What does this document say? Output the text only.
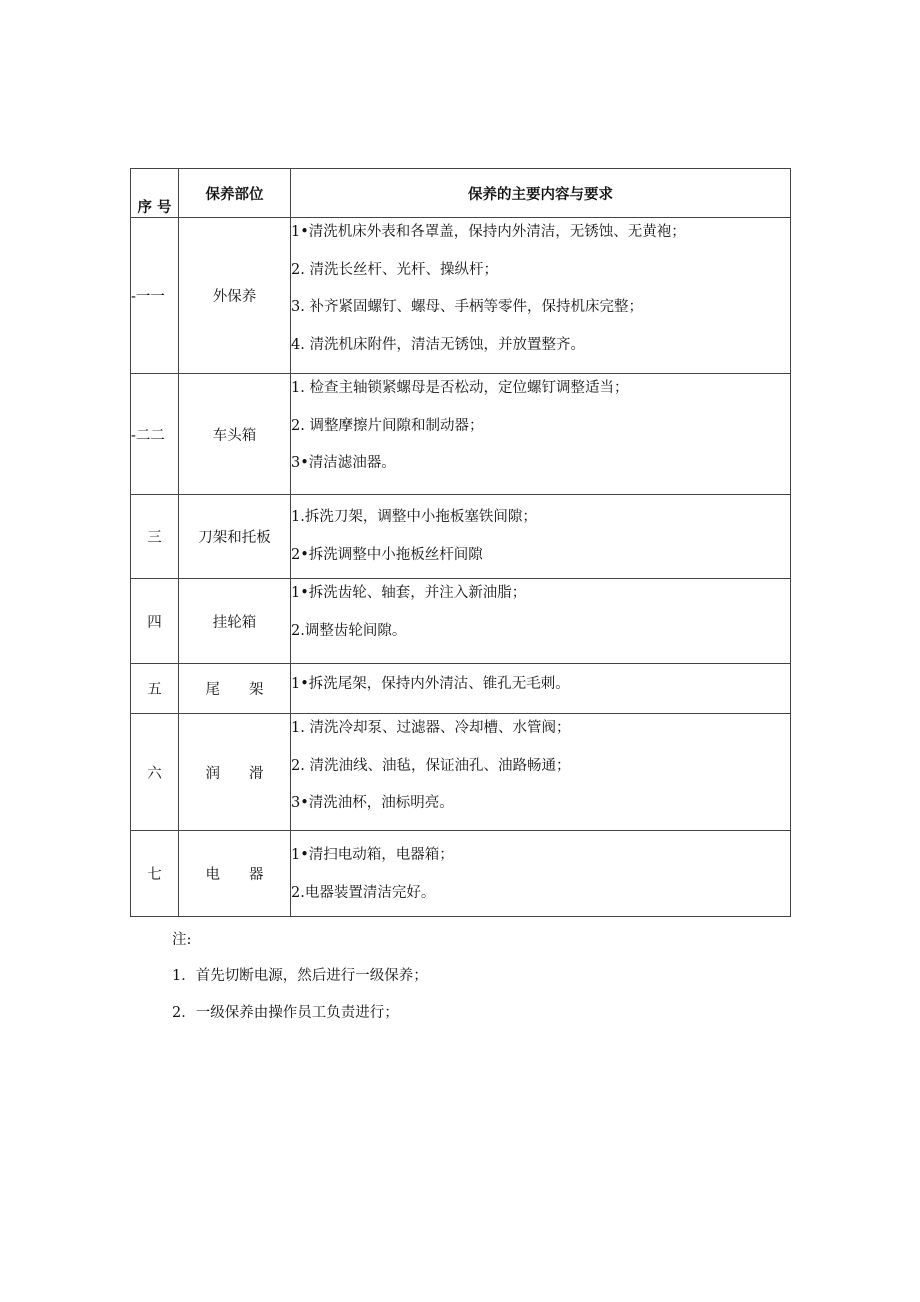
序 号	保养部位	保养的主要内容与要求
-一一	外保养	1•清洗机床外表和各罩盖，保持内外清洁，无锈蚀、无黄袍；
2. 清洗长丝杆、光杆、操纵杆；
3. 补齐紧固螺钉、螺母、手柄等零件，保持机床完整；
4. 清洗机床附件，清洁无锈蚀，并放置整齐。

-二二	车头箱	1. 检查主轴锁紧螺母是否松动，定位螺钉调整适当；
2. 调整摩擦片间隙和制动器；
3•清洁滤油器。

三	刀架和托板	1.拆洗刀架，调整中小拖板塞铁间隙；
2•拆洗调整中小拖板丝杆间隙

四	挂轮箱	1•拆洗齿轮、轴套，并注入新油脂；
2.调整齿轮间隙。

五	尾　　架	1•拆洗尾架，保持内外清沽、锥孔无毛刺。

六	润　　滑	1. 清洗冷却泵、过滤器、冷却槽、水管阀；
2. 清洗油线、油毡，保证油孔、油路畅通；
3•清洗油杯，油标明亮。

七	电　　器	1•清扫电动箱，电器箱；
2.电器装置清洁完好。
注:
1．首先切断电源，然后进行一级保养；
2．一级保养由操作员工负责进行；
